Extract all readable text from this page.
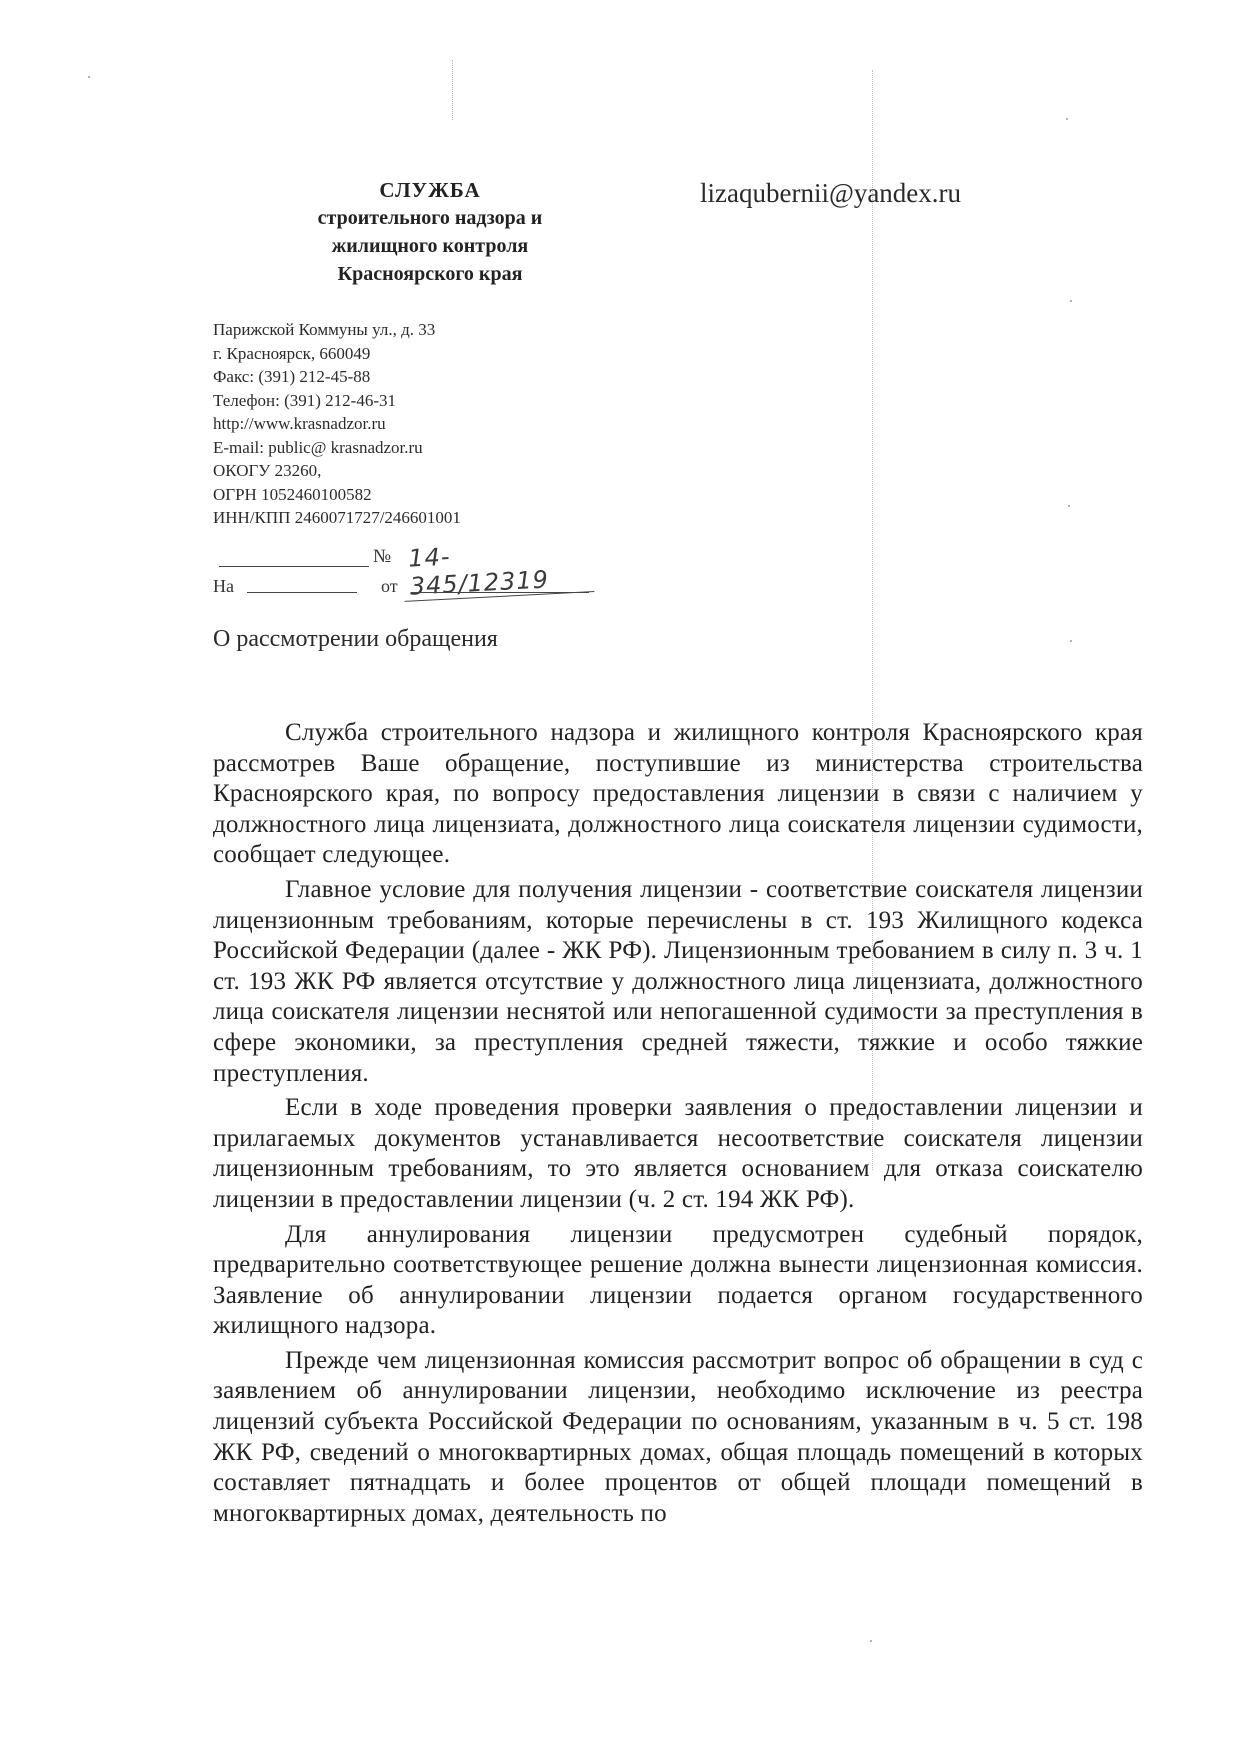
СЛУЖБА
строительного надзора и
жилищного контроля
Красноярского края
lizaqubernii@yandex.ru
Парижской Коммуны ул., д. 33
г. Красноярск, 660049
Факс: (391) 212-45-88
Телефон: (391) 212-46-31
http://www.krasnadzor.ru
E-mail: public@ krasnadzor.ru
ОКОГУ 23260,
ОГРН 1052460100582
ИНН/КПП 2460071727/246601001
№ 14-345/12319
На	от
О рассмотрении обращения

Служба строительного надзора и жилищного контроля Красноярского края рассмотрев Ваше обращение, поступившие из министерства строительства Красноярского края, по вопросу предоставления лицензии в связи с наличием у должностного лица лицензиата, должностного лица соискателя лицензии судимости, сообщает следующее.

Главное условие для получения лицензии - соответствие соискателя лицензии лицензионным требованиям, которые перечислены в ст. 193 Жилищного кодекса Российской Федерации (далее - ЖК РФ). Лицензионным требованием в силу п. 3 ч. 1 ст. 193 ЖК РФ является отсутствие у должностного лица лицензиата, должностного лица соискателя лицензии неснятой или непогашенной судимости за преступления в сфере экономики, за преступления средней тяжести, тяжкие и особо тяжкие преступления.

Если в ходе проведения проверки заявления о предоставлении лицензии и прилагаемых документов устанавливается несоответствие соискателя лицензии лицензионным требованиям, то это является основанием для отказа соискателю лицензии в предоставлении лицензии (ч. 2 ст. 194 ЖК РФ).

Для аннулирования лицензии предусмотрен судебный порядок, предварительно соответствующее решение должна вынести лицензионная комиссия. Заявление об аннулировании лицензии подается органом государственного жилищного надзора.

Прежде чем лицензионная комиссия рассмотрит вопрос об обращении в суд с заявлением об аннулировании лицензии, необходимо исключение из реестра лицензий субъекта Российской Федерации по основаниям, указанным в ч. 5 ст. 198 ЖК РФ, сведений о многоквартирных домах, общая площадь помещений в которых составляет пятнадцать и более процентов от общей площади помещений в многоквартирных домах, деятельность по
